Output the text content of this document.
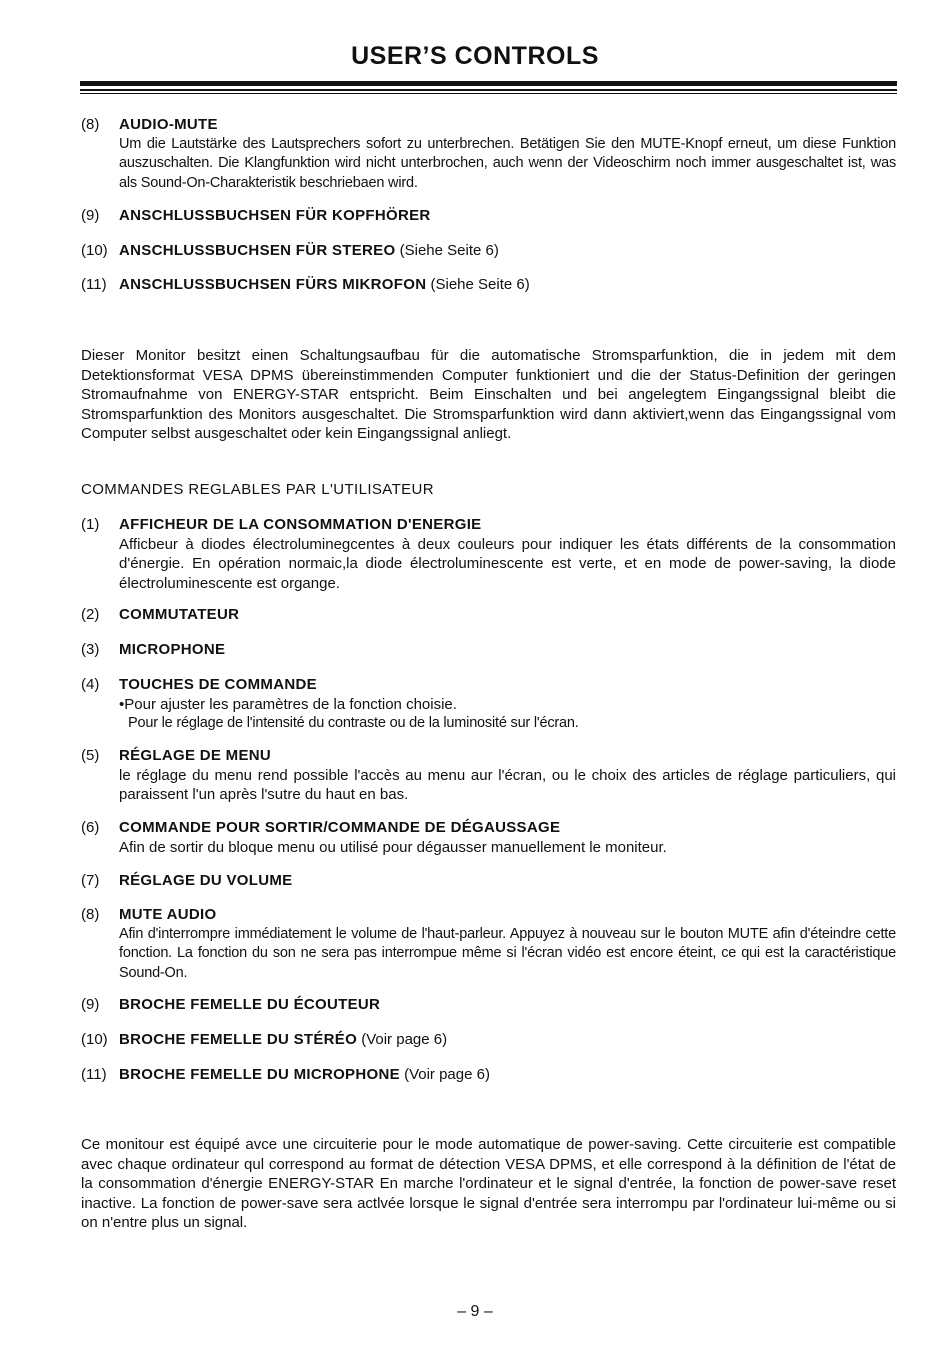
USER’S CONTROLS
(8)	AUDIO-MUTE
Um die Lautstärke des Lautsprechers sofort zu unterbrechen. Betätigen Sie den MUTE-Knopf erneut, um diese Funktion auszuschalten. Die Klangfunktion wird nicht unterbrochen, auch wenn der Videoschirm noch immer ausgeschaltet ist, was als Sound-On-Charakteristik beschriebaen wird.
(9)	ANSCHLUSSBUCHSEN FÜR KOPFHÖRER
(10) ANSCHLUSSBUCHSEN FÜR STEREO (Siehe Seite 6)
(11) ANSCHLUSSBUCHSEN FÜRS MIKROFON (Siehe Seite 6)

Dieser Monitor besitzt einen Schaltungsaufbau für die automatische Stromsparfunktion, die in jedem mit dem Detektionsformat VESA DPMS übereinstimmenden Computer funktioniert und die der Status-Definition der geringen Stromaufnahme von ENERGY-STAR entspricht. Beim Einschalten und bei angelegtem Eingangssignal bleibt die Stromsparfunktion des Monitors ausgeschaltet. Die Stromsparfunktion wird dann aktiviert,wenn das Eingangssignal vom Computer selbst ausgeschaltet oder kein Eingangssignal anliegt.

COMMANDES REGLABLES PAR L'UTILISATEUR

(1)	AFFICHEUR DE LA CONSOMMATION D'ENERGIE
Afficbeur à diodes électroluminegcentes à deux couleurs pour indiquer les états différents de la consommation d'énergie. En opération normaic,la diode électroluminescente est verte, et en mode de power-saving, la diode électroluminescente est organge.
(2)	COMMUTATEUR
(3)	MICROPHONE
(4)	TOUCHES DE COMMANDE
•Pour ajuster les paramètres de la fonction choisie.
Pour le réglage de l'intensité du contraste ou de la luminosité sur l'écran.
(5)	RÉGLAGE DE MENU
le réglage du menu rend possible l'accès au menu aur l'écran, ou le choix des articles de réglage particuliers, qui paraissent l'un après l'sutre du haut en bas.
(6)	COMMANDE POUR SORTIR/COMMANDE DE DÉGAUSSAGE
Afin de sortir du bloque menu ou utilisé pour dégausser manuellement le moniteur.
(7)	RÉGLAGE DU VOLUME
(8)	MUTE AUDIO
Afin d'interrompre immédiatement le volume de l'haut-parleur. Appuyez à nouveau sur le bouton MUTE afin d'éteindre cette fonction. La fonction du son ne sera pas interrompue même si l'écran vidéo est encore éteint, ce qui est la caractéristique Sound-On.
(9)	BROCHE FEMELLE DU ÉCOUTEUR
(10) BROCHE FEMELLE DU STÉRÉO (Voir page 6)
(11) BROCHE FEMELLE DU MICROPHONE (Voir page 6)

Ce monitour est équipé avce une circuiterie pour le mode automatique de power-saving. Cette circuiterie est compatible avec chaque ordinateur qul correspond au format de détection VESA DPMS, et elle correspond à la définition de l'état de la consommation d'énergie ENERGY-STAR En marche l'ordinateur et le signal d'entrée, la fonction de power-save reset inactive. La fonction de power-save sera actlvée lorsque le signal d'entrée sera interrompu par l'ordinateur lui-même ou si on n'entre plus un signal.

– 9 –
